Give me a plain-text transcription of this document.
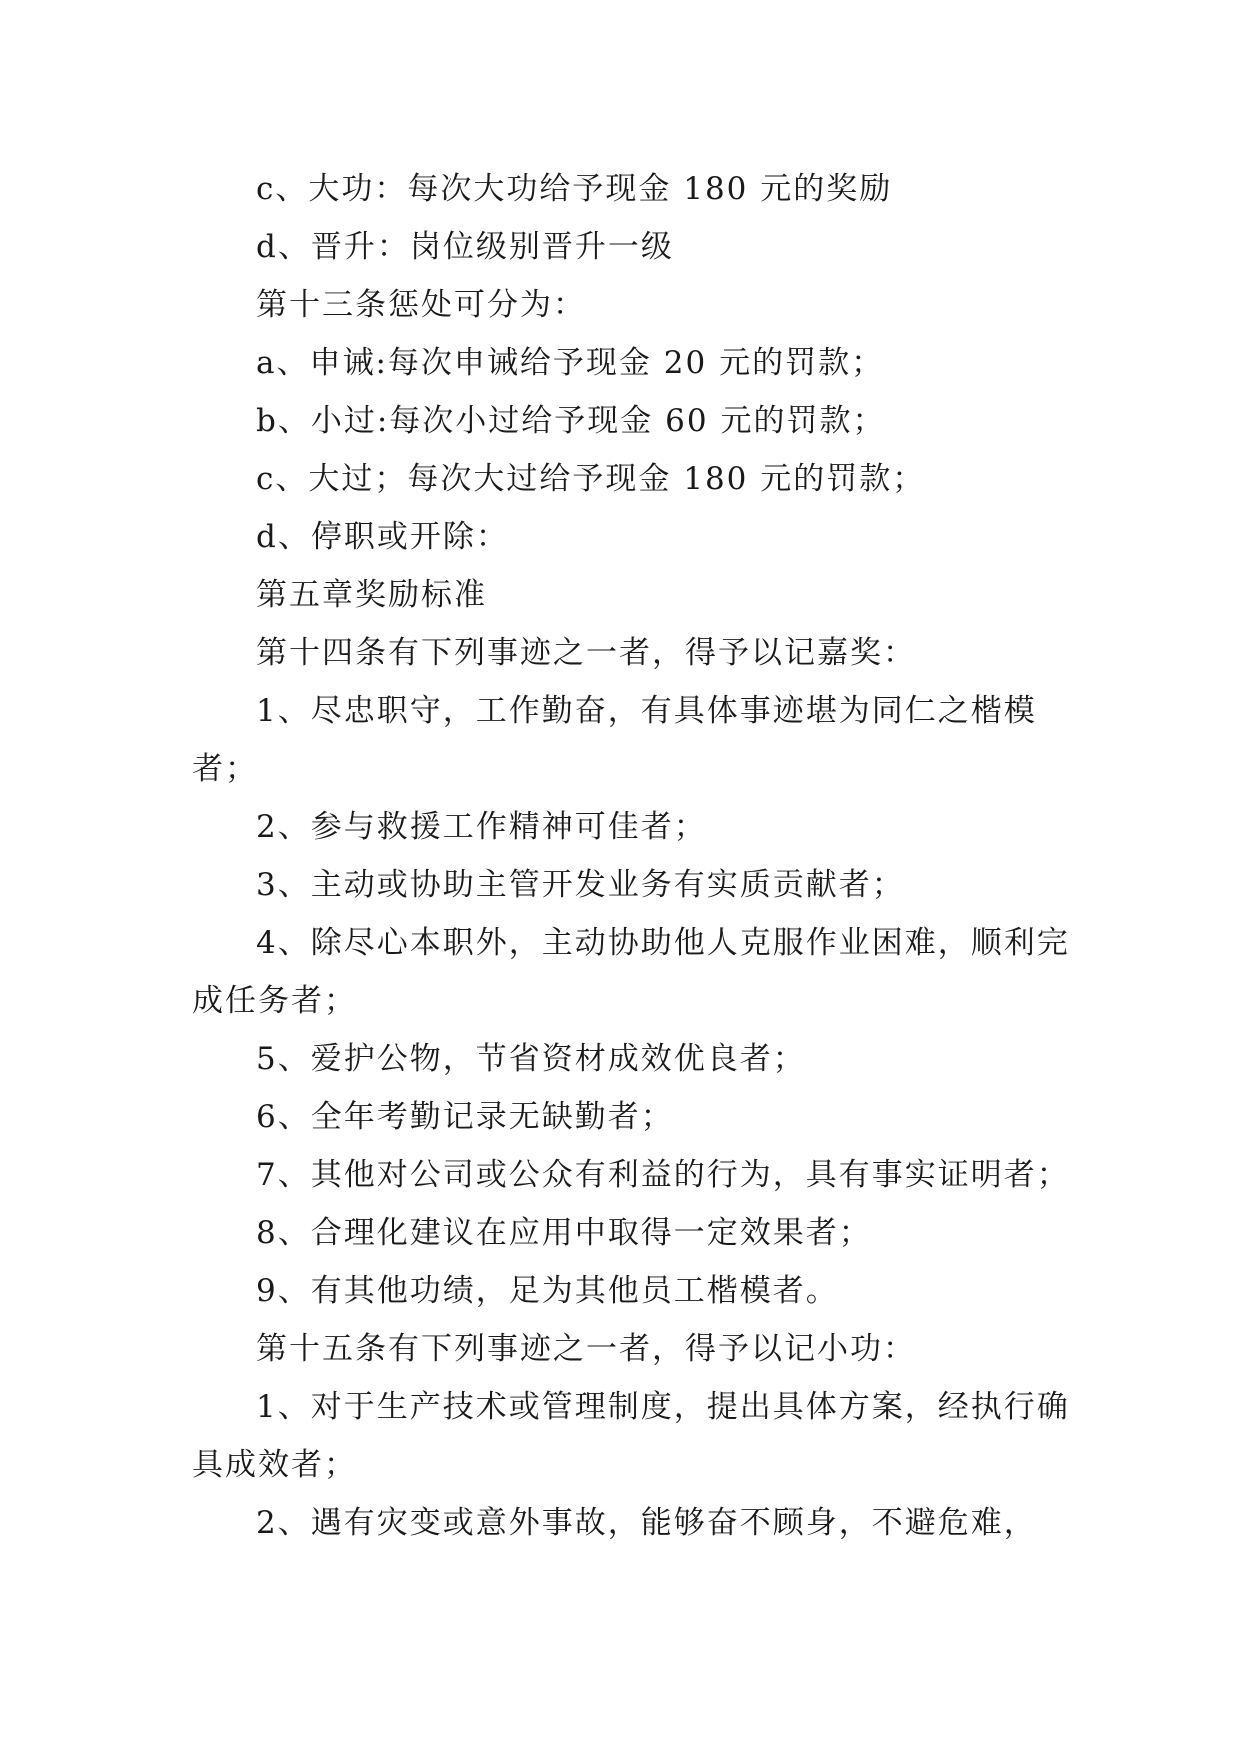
c、大功：每次大功给予现金 180 元的奖励

d、晋升：岗位级别晋升一级

第十三条惩处可分为：

a、申诫:每次申诫给予现金 20 元的罚款；

b、小过:每次小过给予现金 60 元的罚款；

c、大过；每次大过给予现金 180 元的罚款；

d、停职或开除：

第五章奖励标准

第十四条有下列事迹之一者，得予以记嘉奖：

1、尽忠职守，工作勤奋，有具体事迹堪为同仁之楷模者；

2、参与救援工作精神可佳者；

3、主动或协助主管开发业务有实质贡献者；

4、除尽心本职外，主动协助他人克服作业困难，顺利完成任务者；

5、爱护公物，节省资材成效优良者；

6、全年考勤记录无缺勤者；

7、其他对公司或公众有利益的行为，具有事实证明者；

8、合理化建议在应用中取得一定效果者；

9、有其他功绩，足为其他员工楷模者。

第十五条有下列事迹之一者，得予以记小功：

1、对于生产技术或管理制度，提出具体方案，经执行确具成效者；

2、遇有灾变或意外事故，能够奋不顾身，不避危难，
